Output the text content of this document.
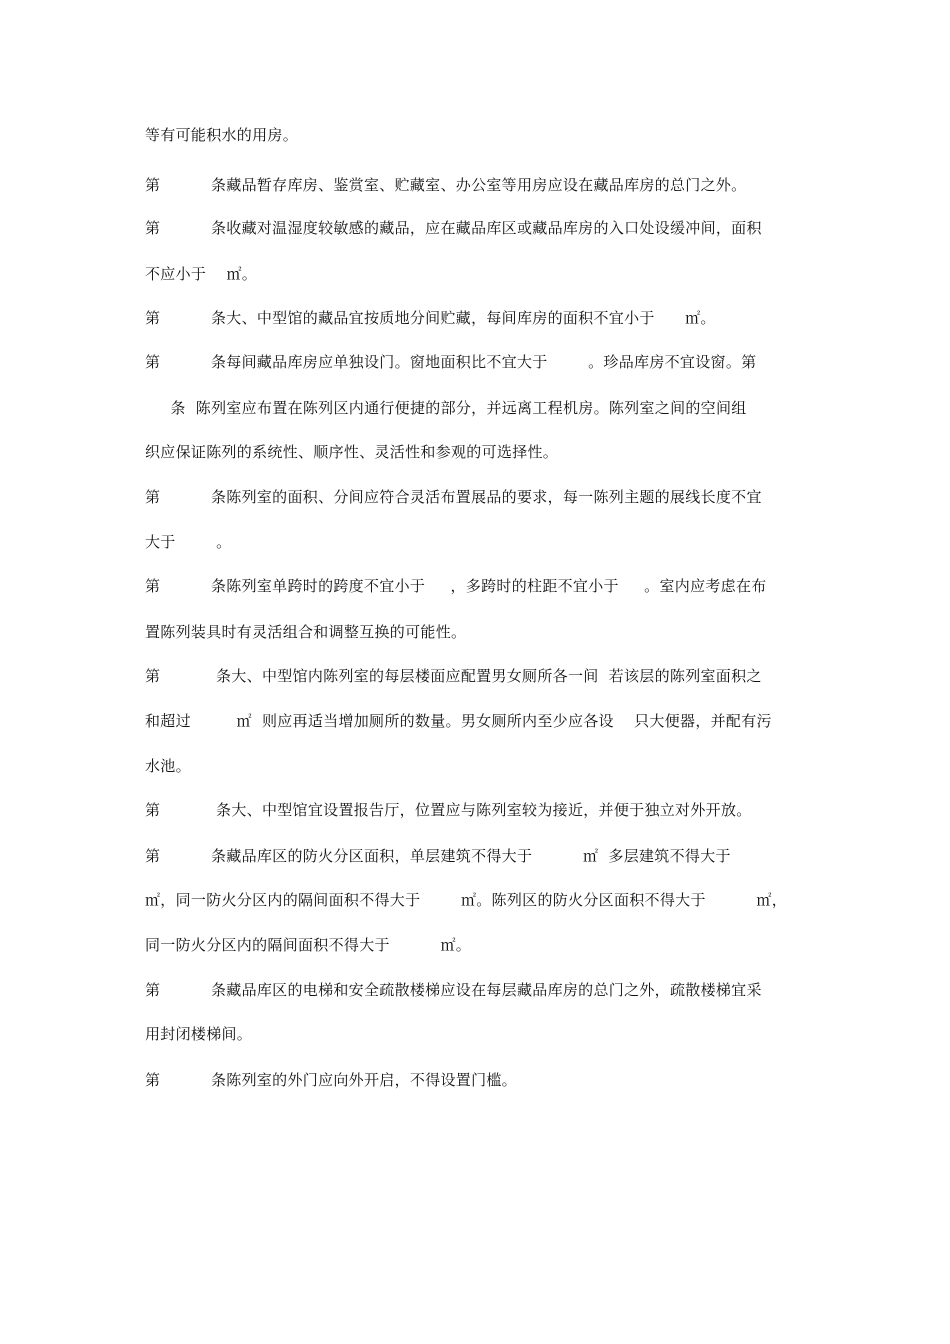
等有可能积水的用房。

第          条藏品暂存库房、鉴赏室、贮藏室、办公室等用房应设在藏品库房的总门之外。

第          条收藏对温湿度较敏感的藏品，应在藏品库区或藏品库房的入口处设缓冲间，面积

不应小于    ㎡。

第          条大、中型馆的藏品宜按质地分间贮藏，每间库房的面积不宜小于      ㎡。

第          条每间藏品库房应单独设门。窗地面积比不宜大于        。珍品库房不宜设窗。第

条  陈列室应布置在陈列区内通行便捷的部分，并远离工程机房。陈列室之间的空间组

织应保证陈列的系统性、顺序性、灵活性和参观的可选择性。

第          条陈列室的面积、分间应符合灵活布置展品的要求，每一陈列主题的展线长度不宜

大于        。

第          条陈列室单跨时的跨度不宜小于     ，多跨时的柱距不宜小于     。室内应考虑在布

置陈列装具时有灵活组合和调整互换的可能性。

第           条大、中型馆内陈列室的每层楼面应配置男女厕所各一间  若该层的陈列室面积之

和超过         ㎡  则应再适当增加厕所的数量。男女厕所内至少应各设    只大便器，并配有污

水池。

第           条大、中型馆宜设置报告厅，位置应与陈列室较为接近，并便于独立对外开放。

第          条藏品库区的防火分区面积，单层建筑不得大于          ㎡  多层建筑不得大于

㎡，同一防火分区内的隔间面积不得大于        ㎡。陈列区的防火分区面积不得大于          ㎡，

同一防火分区内的隔间面积不得大于          ㎡。

第          条藏品库区的电梯和安全疏散楼梯应设在每层藏品库房的总门之外，疏散楼梯宜采

用封闭楼梯间。

第          条陈列室的外门应向外开启，不得设置门槛。
